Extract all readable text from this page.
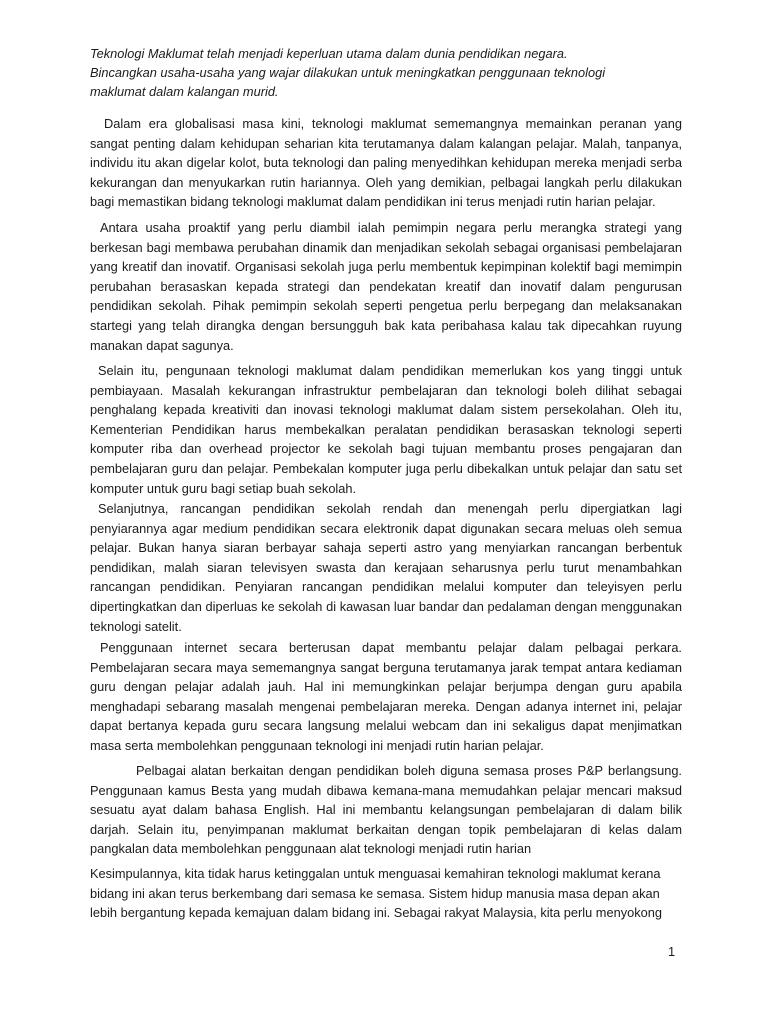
Teknologi Maklumat telah menjadi keperluan utama dalam dunia pendidikan negara.

Bincangkan usaha-usaha yang wajar dilakukan untuk meningkatkan penggunaan teknologi

maklumat dalam kalangan murid.

Dalam era globalisasi masa kini, teknologi maklumat sememangnya memainkan peranan yang sangat penting dalam kehidupan seharian kita terutamanya dalam kalangan pelajar. Malah, tanpanya, individu itu akan digelar kolot, buta teknologi dan paling menyedihkan kehidupan mereka menjadi serba kekurangan dan menyukarkan rutin hariannya. Oleh yang demikian, pelbagai langkah perlu dilakukan bagi memastikan bidang teknologi maklumat dalam pendidikan ini terus menjadi rutin harian pelajar.

Antara usaha proaktif yang perlu diambil ialah pemimpin negara perlu merangka strategi yang berkesan bagi membawa perubahan dinamik dan menjadikan sekolah sebagai organisasi pembelajaran yang kreatif dan inovatif. Organisasi sekolah juga perlu membentuk kepimpinan kolektif bagi memimpin perubahan berasaskan kepada strategi dan pendekatan kreatif dan inovatif dalam pengurusan pendidikan sekolah. Pihak pemimpin sekolah seperti pengetua perlu berpegang dan melaksanakan startegi yang telah dirangka dengan bersungguh bak kata peribahasa kalau tak dipecahkan ruyung manakan dapat sagunya.

Selain itu, pengunaan teknologi maklumat dalam pendidikan memerlukan kos yang tinggi untuk pembiayaan. Masalah kekurangan infrastruktur pembelajaran dan teknologi boleh dilihat sebagai penghalang kepada kreativiti dan inovasi teknologi maklumat dalam sistem persekolahan. Oleh itu, Kementerian Pendidikan harus membekalkan peralatan pendidikan berasaskan teknologi seperti komputer riba dan overhead projector ke sekolah bagi tujuan membantu proses pengajaran dan pembelajaran guru dan pelajar. Pembekalan komputer juga perlu dibekalkan untuk pelajar dan satu set komputer untuk guru bagi setiap buah sekolah.

Selanjutnya, rancangan pendidikan sekolah rendah dan menengah perlu dipergiatkan lagi penyiarannya agar medium pendidikan secara elektronik dapat digunakan secara meluas oleh semua pelajar. Bukan hanya siaran berbayar sahaja seperti astro yang menyiarkan rancangan berbentuk pendidikan, malah siaran televisyen swasta dan kerajaan seharusnya perlu turut menambahkan rancangan pendidikan. Penyiaran rancangan pendidikan melalui komputer dan teleyisyen perlu dipertingkatkan dan diperluas ke sekolah di kawasan luar bandar dan pedalaman dengan menggunakan teknologi satelit.

Penggunaan internet secara berterusan dapat membantu pelajar dalam pelbagai perkara. Pembelajaran secara maya sememangnya sangat berguna terutamanya jarak tempat antara kediaman guru dengan pelajar adalah jauh. Hal ini memungkinkan pelajar berjumpa dengan guru apabila menghadapi sebarang masalah mengenai pembelajaran mereka. Dengan adanya internet ini, pelajar dapat bertanya kepada guru secara langsung melalui webcam dan ini sekaligus dapat menjimatkan masa serta membolehkan penggunaan teknologi ini menjadi rutin harian pelajar.

Pelbagai alatan berkaitan dengan pendidikan boleh diguna semasa proses P&P berlangsung. Penggunaan kamus Besta yang mudah dibawa kemana-mana memudahkan pelajar mencari maksud sesuatu ayat dalam bahasa English. Hal ini membantu kelangsungan pembelajaran di dalam bilik darjah. Selain itu, penyimpanan maklumat berkaitan dengan topik pembelajaran di kelas dalam pangkalan data membolehkan penggunaan alat teknologi menjadi rutin harian

Kesimpulannya, kita tidak harus ketinggalan untuk menguasai kemahiran teknologi maklumat kerana bidang ini akan terus berkembang dari semasa ke semasa. Sistem hidup manusia masa depan akan lebih bergantung kepada kemajuan dalam bidang ini. Sebagai rakyat Malaysia, kita perlu menyokong

1
